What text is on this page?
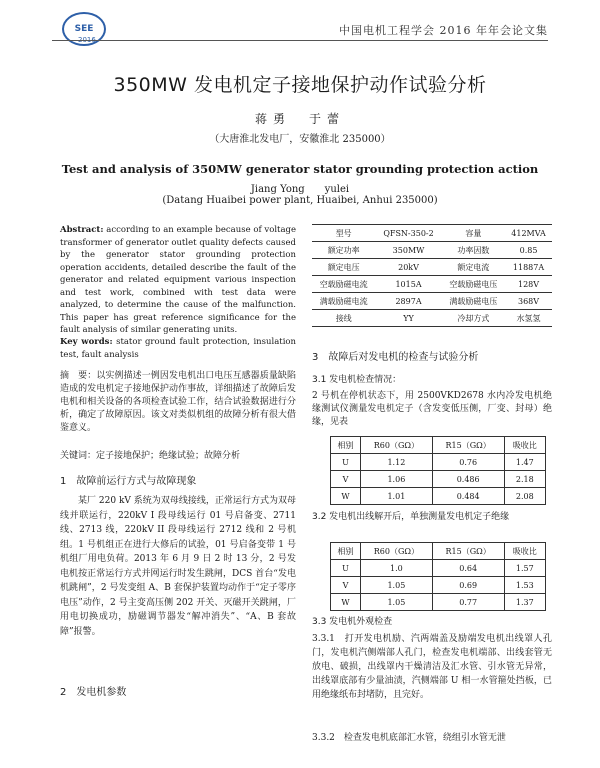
SEE
2016
中国电机工程学会 2016 年年会论文集
350MW 发电机定子接地保护动作试验分析
蒋勇　于蕾
（大唐淮北发电厂，安徽淮北 235000）
Test and analysis of 350MW generator stator grounding protection action
Jiang Yong　　yulei
(Datang Huaibei power plant, Huaibei, Anhui 235000)
Abstract: according to an example because of voltage transformer of generator outlet quality defects caused by the generator stator grounding protection operation accidents, detailed describe the fault of the generator and related equipment various inspection and test work, combined with test data were analyzed, to determine the cause of the malfunction. This paper has great reference significance for the fault analysis of similar generating units.
Key words: stator ground fault protection, insulation test, fault analysis
摘　要：以实例描述一例因发电机出口电压互感器质量缺陷造成的发电机定子接地保护动作事故，详细描述了故障后发电机和相关设备的各项检查试验工作，结合试验数据进行分析，确定了故障原因。该文对类似机组的故障分析有很大借鉴意义。
关键词：定子接地保护；绝缘试验；故障分析
1　故障前运行方式与故障现象
某厂 220 kV 系统为双母线接线，正常运行方式为双母线并联运行，220kV I 段母线运行 01 号启备变、2711 线、2713 线，220kV II 段母线运行 2712 线和 2 号机组。1 号机组正在进行大修后的试验，01 号启备变带 1 号机组厂用电负荷。2013 年 6 月 9 日 2 时 13 分，2 号发电机按正常运行方式并网运行时发生跳闸，DCS 首台“发电机跳闸”，2 号发变组 A、B 套保护装置均动作于“定子零序电压”动作，2 号主变高压侧 202 开关、灭磁开关跳闸，厂用电切换成功，励磁调节器发“解冲消失”、“A、B 套故障”报警。
2　发电机参数
型号	QFSN-350-2	容量	412MVA
额定功率	350MW	功率因数	0.85
额定电压	20kV	额定电流	11887A
空载励磁电流	1015A	空载励磁电压	128V
满载励磁电流	2897A	满载励磁电压	368V
接线	YY	冷却方式	水氢氢
3　故障后对发电机的检查与试验分析
3.1 发电机检查情况：
2 号机在停机状态下，用 2500VKD2678 水内冷发电机绝缘测试仪测量发电机定子（含发变低压侧，厂变、封母）绝缘，见表
相别	R60（GΩ）	R15（GΩ）	吸收比
U	1.12	0.76	1.47
V	1.06	0.486	2.18
W	1.01	0.484	2.08
3.2 发电机出线解开后，单独测量发电机定子绝缘
相别	R60（GΩ）	R15（GΩ）	吸收比
U	1.0	0.64	1.57
V	1.05	0.69	1.53
W	1.05	0.77	1.37
3.3 发电机外观检查
3.3.1　打开发电机励、汽两端盖及励端发电机出线罩人孔门，发电机汽侧端部人孔门，检查发电机端部、出线套管无放电、破损，出线罩内干燥清洁及汇水管、引水管无异常，出线罩底部有少量油渍，汽侧端部 U 相一水管箍处挡板，已用绝缘纸布封堵防，且完好。
3.3.2　检查发电机底部汇水管，绕组引水管无泄
